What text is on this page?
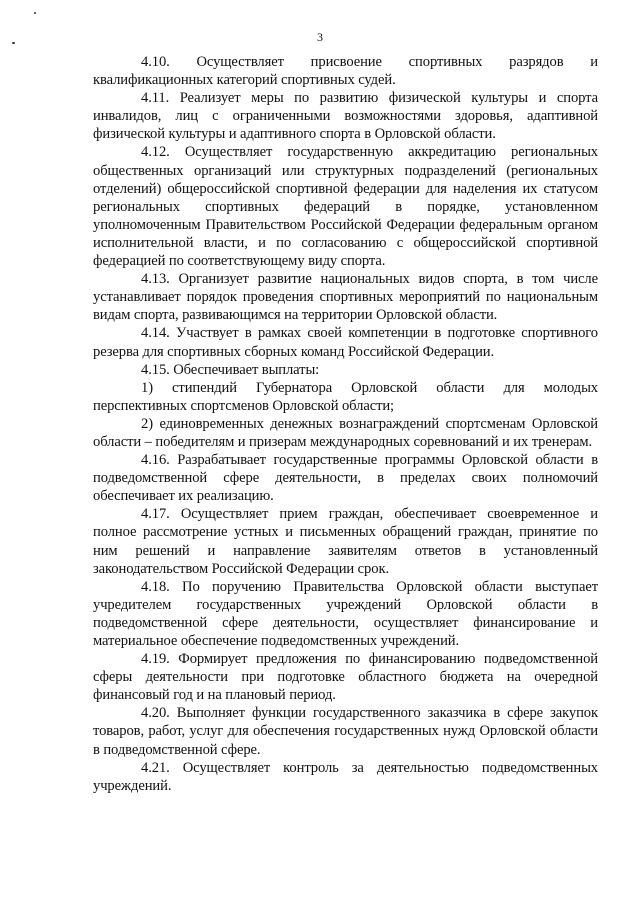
3

4.10. Осуществляет присвоение спортивных разрядов и квалификационных категорий спортивных судей.

4.11. Реализует меры по развитию физической культуры и спорта инвалидов, лиц с ограниченными возможностями здоровья, адаптивной физической культуры и адаптивного спорта в Орловской области.

4.12. Осуществляет государственную аккредитацию региональных общественных организаций или структурных подразделений (региональных отделений) общероссийской спортивной федерации для наделения их статусом региональных спортивных федераций в порядке, установленном уполномоченным Правительством Российской Федерации федеральным органом исполнительной власти, и по согласованию с общероссийской спортивной федерацией по соответствующему виду спорта.

4.13. Организует развитие национальных видов спорта, в том числе устанавливает порядок проведения спортивных мероприятий по национальным видам спорта, развивающимся на территории Орловской области.

4.14. Участвует в рамках своей компетенции в подготовке спортивного резерва для спортивных сборных команд Российской Федерации.

4.15. Обеспечивает выплаты:

1) стипендий Губернатора Орловской области для молодых перспективных спортсменов Орловской области;

2) единовременных денежных вознаграждений спортсменам Орловской области – победителям и призерам международных соревнований и их тренерам.

4.16. Разрабатывает государственные программы Орловской области в подведомственной сфере деятельности, в пределах своих полномочий обеспечивает их реализацию.

4.17. Осуществляет прием граждан, обеспечивает своевременное и полное рассмотрение устных и письменных обращений граждан, принятие по ним решений и направление заявителям ответов в установленный законодательством Российской Федерации срок.

4.18. По поручению Правительства Орловской области выступает учредителем государственных учреждений Орловской области в подведомственной сфере деятельности, осуществляет финансирование и материальное обеспечение подведомственных учреждений.

4.19. Формирует предложения по финансированию подведомственной сферы деятельности при подготовке областного бюджета на очередной финансовый год и на плановый период.

4.20. Выполняет функции государственного заказчика в сфере закупок товаров, работ, услуг для обеспечения государственных нужд Орловской области в подведомственной сфере.

4.21. Осуществляет контроль за деятельностью подведомственных учреждений.
